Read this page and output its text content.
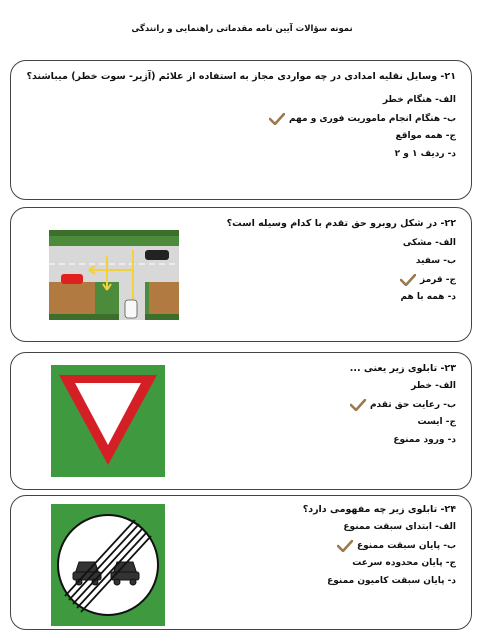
نمونه سؤالات آیین نامه مقدماتی راهنمایی و رانندگی
۲۱- وسایل نقلیه امدادی در چه مواردی مجاز به استفاده از علائم (آژیر- سوت خطر) میباشند؟
الف- هنگام خطر
ب- هنگام انجام ماموریت فوری و مهم
ج- همه مواقع
د- ردیف ۱ و ۲
۲۲- در شکل روبرو حق تقدم با کدام وسیله است؟
الف- مشکی
ب- سفید
ج- قرمز
د- همه با هم
۲۳- تابلوی زیر یعنی ...
الف- خطر
ب- رعایت حق تقدم
ج- ایست
د- ورود ممنوع
۲۴- تابلوی زیر چه مفهومی دارد؟
الف- ابتدای سبقت ممنوع
ب- پایان سبقت ممنوع
ج- پایان محدوده سرعت
د- پایان سبقت کامیون ممنوع
